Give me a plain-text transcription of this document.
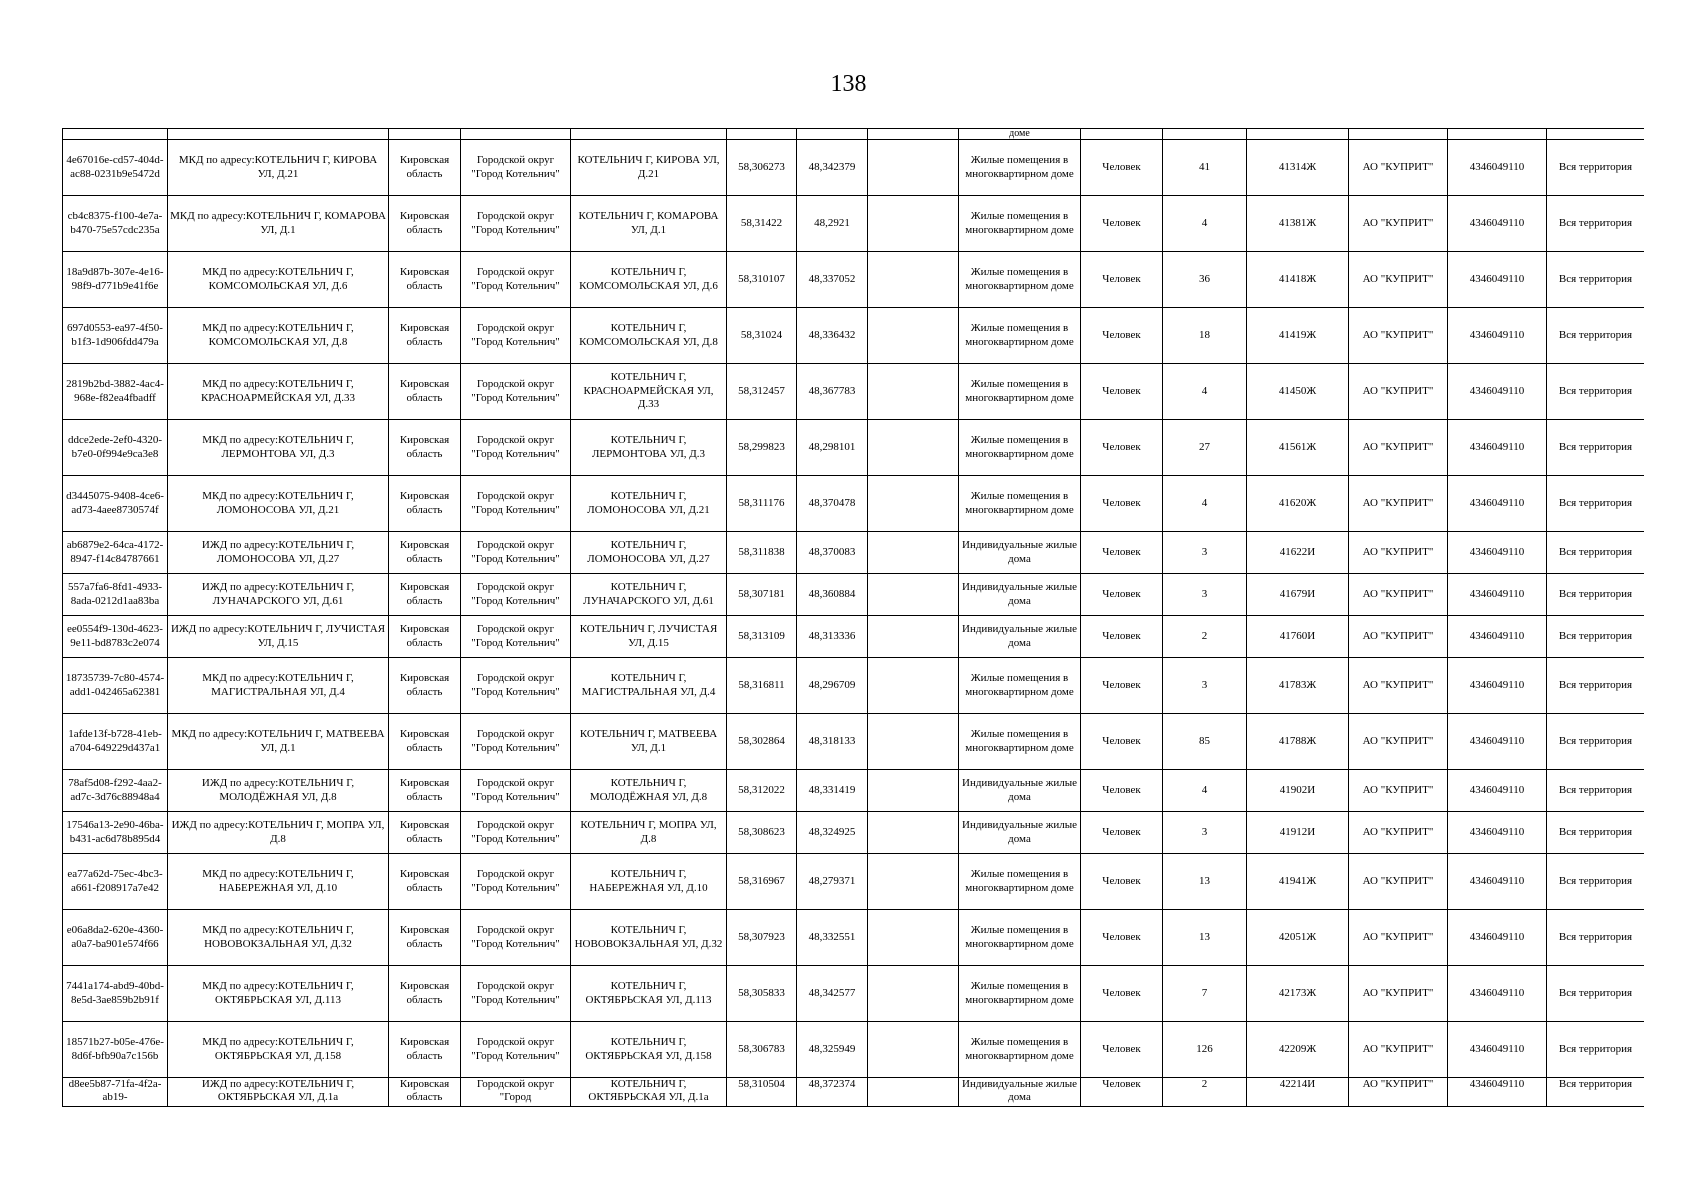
138
								доме						

4e67016e-cd57-404d-ac88-0231b9e5472d	МКД по адресу:КОТЕЛЬНИЧ Г, КИРОВА УЛ, Д.21	Кировская область	Городской округ "Город Котельнич"	КОТЕЛЬНИЧ Г, КИРОВА УЛ, Д.21	58,306273	48,342379		Жилые помещения в многоквартирном доме	Человек	41	41314Ж	АО "КУПРИТ"	4346049110	Вся территория

cb4c8375-f100-4e7a-b470-75e57cdc235a	МКД по адресу:КОТЕЛЬНИЧ Г, КОМАРОВА УЛ, Д.1	Кировская область	Городской округ "Город Котельнич"	КОТЕЛЬНИЧ Г, КОМАРОВА УЛ, Д.1	58,31422	48,2921		Жилые помещения в многоквартирном доме	Человек	4	41381Ж	АО "КУПРИТ"	4346049110	Вся территория

18a9d87b-307e-4e16-98f9-d771b9e41f6e	МКД по адресу:КОТЕЛЬНИЧ Г, КОМСОМОЛЬСКАЯ УЛ, Д.6	Кировская область	Городской округ "Город Котельнич"	КОТЕЛЬНИЧ Г, КОМСОМОЛЬСКАЯ УЛ, Д.6	58,310107	48,337052		Жилые помещения в многоквартирном доме	Человек	36	41418Ж	АО "КУПРИТ"	4346049110	Вся территория

697d0553-ea97-4f50-b1f3-1d906fdd479a	МКД по адресу:КОТЕЛЬНИЧ Г, КОМСОМОЛЬСКАЯ УЛ, Д.8	Кировская область	Городской округ "Город Котельнич"	КОТЕЛЬНИЧ Г, КОМСОМОЛЬСКАЯ УЛ, Д.8	58,31024	48,336432		Жилые помещения в многоквартирном доме	Человек	18	41419Ж	АО "КУПРИТ"	4346049110	Вся территория

2819b2bd-3882-4ac4-968e-f82ea4fbadff	МКД по адресу:КОТЕЛЬНИЧ Г, КРАСНОАРМЕЙСКАЯ УЛ, Д.33	Кировская область	Городской округ "Город Котельнич"	КОТЕЛЬНИЧ Г, КРАСНОАРМЕЙСКАЯ УЛ, Д.33	58,312457	48,367783		Жилые помещения в многоквартирном доме	Человек	4	41450Ж	АО "КУПРИТ"	4346049110	Вся территория

ddce2ede-2ef0-4320-b7e0-0f994e9ca3e8	МКД по адресу:КОТЕЛЬНИЧ Г, ЛЕРМОНТОВА УЛ, Д.3	Кировская область	Городской округ "Город Котельнич"	КОТЕЛЬНИЧ Г, ЛЕРМОНТОВА УЛ, Д.3	58,299823	48,298101		Жилые помещения в многоквартирном доме	Человек	27	41561Ж	АО "КУПРИТ"	4346049110	Вся территория

d3445075-9408-4ce6-ad73-4aee8730574f	МКД по адресу:КОТЕЛЬНИЧ Г, ЛОМОНОСОВА УЛ, Д.21	Кировская область	Городской округ "Город Котельнич"	КОТЕЛЬНИЧ Г, ЛОМОНОСОВА УЛ, Д.21	58,311176	48,370478		Жилые помещения в многоквартирном доме	Человек	4	41620Ж	АО "КУПРИТ"	4346049110	Вся территория

ab6879e2-64ca-4172-8947-f14c84787661	ИЖД по адресу:КОТЕЛЬНИЧ Г, ЛОМОНОСОВА УЛ, Д.27	Кировская область	Городской округ "Город Котельнич"	КОТЕЛЬНИЧ Г, ЛОМОНОСОВА УЛ, Д.27	58,311838	48,370083		Индивидуальные жилые дома	Человек	3	41622И	АО "КУПРИТ"	4346049110	Вся территория

557a7fa6-8fd1-4933-8ada-0212d1aa83ba	ИЖД по адресу:КОТЕЛЬНИЧ Г, ЛУНАЧАРСКОГО УЛ, Д.61	Кировская область	Городской округ "Город Котельнич"	КОТЕЛЬНИЧ Г, ЛУНАЧАРСКОГО УЛ, Д.61	58,307181	48,360884		Индивидуальные жилые дома	Человек	3	41679И	АО "КУПРИТ"	4346049110	Вся территория

ee0554f9-130d-4623-9e11-bd8783c2e074	ИЖД по адресу:КОТЕЛЬНИЧ Г, ЛУЧИСТАЯ УЛ, Д.15	Кировская область	Городской округ "Город Котельнич"	КОТЕЛЬНИЧ Г, ЛУЧИСТАЯ УЛ, Д.15	58,313109	48,313336		Индивидуальные жилые дома	Человек	2	41760И	АО "КУПРИТ"	4346049110	Вся территория

18735739-7c80-4574-add1-042465a62381	МКД по адресу:КОТЕЛЬНИЧ Г, МАГИСТРАЛЬНАЯ УЛ, Д.4	Кировская область	Городской округ "Город Котельнич"	КОТЕЛЬНИЧ Г, МАГИСТРАЛЬНАЯ УЛ, Д.4	58,316811	48,296709		Жилые помещения в многоквартирном доме	Человек	3	41783Ж	АО "КУПРИТ"	4346049110	Вся территория

1afde13f-b728-41eb-a704-649229d437a1	МКД по адресу:КОТЕЛЬНИЧ Г, МАТВЕЕВА УЛ, Д.1	Кировская область	Городской округ "Город Котельнич"	КОТЕЛЬНИЧ Г, МАТВЕЕВА УЛ, Д.1	58,302864	48,318133		Жилые помещения в многоквартирном доме	Человек	85	41788Ж	АО "КУПРИТ"	4346049110	Вся территория

78af5d08-f292-4aa2-ad7c-3d76c88948a4	ИЖД по адресу:КОТЕЛЬНИЧ Г, МОЛОДЁЖНАЯ УЛ, Д.8	Кировская область	Городской округ "Город Котельнич"	КОТЕЛЬНИЧ Г, МОЛОДЁЖНАЯ УЛ, Д.8	58,312022	48,331419		Индивидуальные жилые дома	Человек	4	41902И	АО "КУПРИТ"	4346049110	Вся территория

17546a13-2e90-46ba-b431-ac6d78b895d4	ИЖД по адресу:КОТЕЛЬНИЧ Г, МОПРА УЛ, Д.8	Кировская область	Городской округ "Город Котельнич"	КОТЕЛЬНИЧ Г, МОПРА УЛ, Д.8	58,308623	48,324925		Индивидуальные жилые дома	Человек	3	41912И	АО "КУПРИТ"	4346049110	Вся территория

ea77a62d-75ec-4bc3-a661-f208917a7e42	МКД по адресу:КОТЕЛЬНИЧ Г, НАБЕРЕЖНАЯ УЛ, Д.10	Кировская область	Городской округ "Город Котельнич"	КОТЕЛЬНИЧ Г, НАБЕРЕЖНАЯ УЛ, Д.10	58,316967	48,279371		Жилые помещения в многоквартирном доме	Человек	13	41941Ж	АО "КУПРИТ"	4346049110	Вся территория

e06a8da2-620e-4360-a0a7-ba901e574f66	МКД по адресу:КОТЕЛЬНИЧ Г, НОВОВОКЗАЛЬНАЯ УЛ, Д.32	Кировская область	Городской округ "Город Котельнич"	КОТЕЛЬНИЧ Г, НОВОВОКЗАЛЬНАЯ УЛ, Д.32	58,307923	48,332551		Жилые помещения в многоквартирном доме	Человек	13	42051Ж	АО "КУПРИТ"	4346049110	Вся территория

7441a174-abd9-40bd-8e5d-3ae859b2b91f	МКД по адресу:КОТЕЛЬНИЧ Г, ОКТЯБРЬСКАЯ УЛ, Д.113	Кировская область	Городской округ "Город Котельнич"	КОТЕЛЬНИЧ Г, ОКТЯБРЬСКАЯ УЛ, Д.113	58,305833	48,342577		Жилые помещения в многоквартирном доме	Человек	7	42173Ж	АО "КУПРИТ"	4346049110	Вся территория

18571b27-b05e-476e-8d6f-bfb90a7c156b	МКД по адресу:КОТЕЛЬНИЧ Г, ОКТЯБРЬСКАЯ УЛ, Д.158	Кировская область	Городской округ "Город Котельнич"	КОТЕЛЬНИЧ Г, ОКТЯБРЬСКАЯ УЛ, Д.158	58,306783	48,325949		Жилые помещения в многоквартирном доме	Человек	126	42209Ж	АО "КУПРИТ"	4346049110	Вся территория

d8ee5b87-71fa-4f2a-ab19-	ИЖД по адресу:КОТЕЛЬНИЧ Г, ОКТЯБРЬСКАЯ УЛ, Д.1а	Кировская область	Городской округ "Город	КОТЕЛЬНИЧ Г, ОКТЯБРЬСКАЯ УЛ, Д.1а	58,310504	48,372374		Индивидуальные жилые дома	Человек	2	42214И	АО "КУПРИТ"	4346049110	Вся территория
